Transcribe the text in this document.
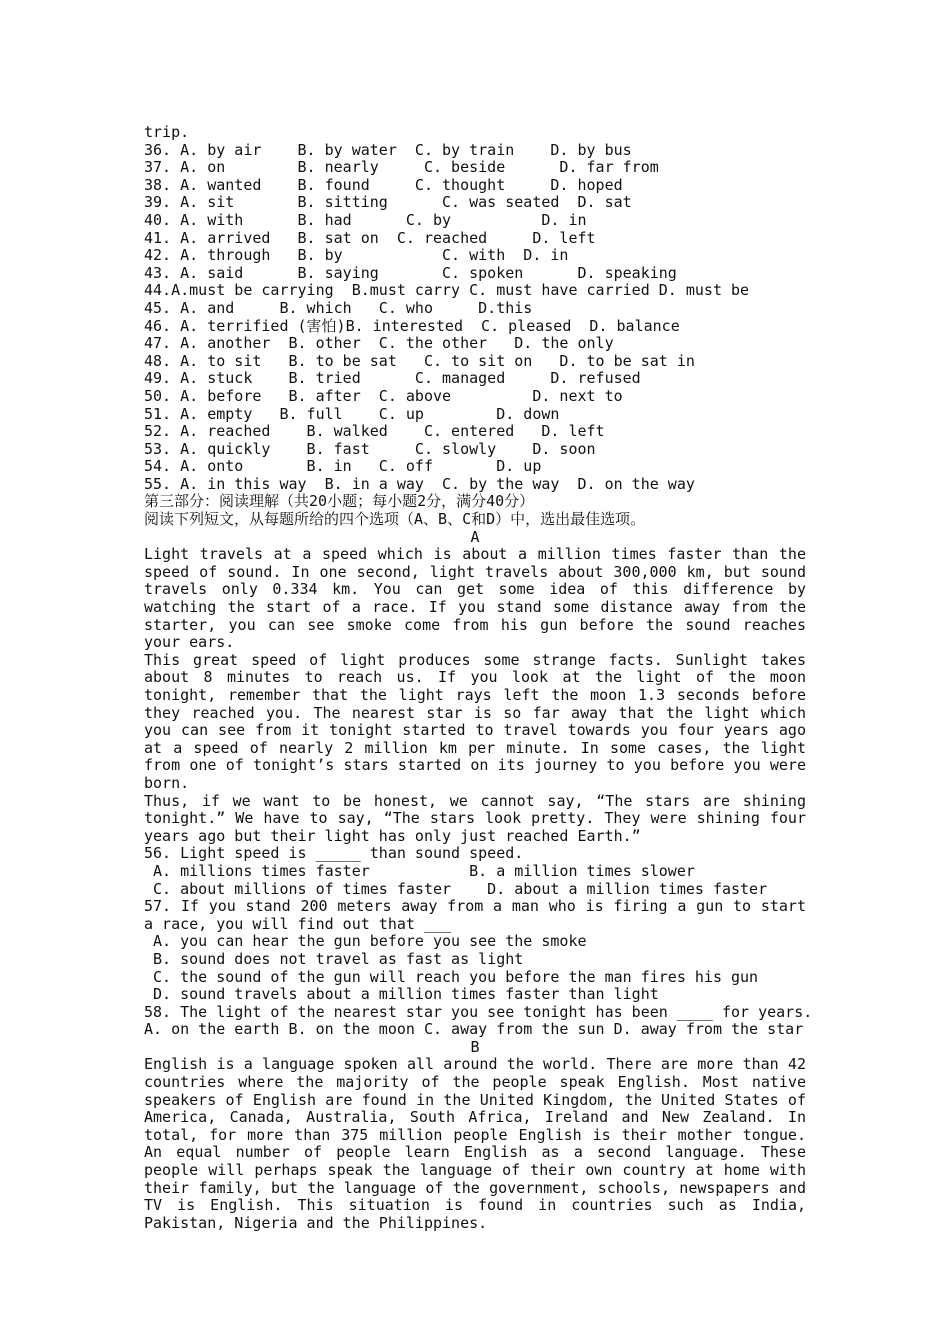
trip.
36. A. by air    B. by water  C. by train    D. by bus
37. A. on        B. nearly     C. beside      D. far from
38. A. wanted    B. found     C. thought     D. hoped
39. A. sit       B. sitting      C. was seated  D. sat
40. A. with      B. had      C. by          D. in
41. A. arrived   B. sat on  C. reached     D. left
42. A. through   B. by           C. with  D. in
43. A. said      B. saying       C. spoken      D. speaking
44.A.must be carrying  B.must carry C. must have carried D. must be
45. A. and     B. which   C. who     D.this
46. A. terrified (害怕)B. interested  C. pleased  D. balance
47. A. another  B. other  C. the other   D. the only
48. A. to sit   B. to be sat   C. to sit on   D. to be sat in
49. A. stuck    B. tried      C. managed     D. refused
50. A. before   B. after  C. above         D. next to
51. A. empty   B. full    C. up        D. down
52. A. reached    B. walked    C. entered   D. left
53. A. quickly    B. fast     C. slowly    D. soon
54. A. onto       B. in   C. off       D. up
55. A. in this way  B. in a way  C. by the way  D. on the way
第三部分：阅读理解（共20小题；每小题2分，满分40分）
阅读下列短文，从每题所给的四个选项（A、B、C和D）中，选出最佳选项。
A
Light travels at a speed which is about a million times faster than the speed of sound. In one second, light travels about 300,000 km, but sound travels only 0.334 km. You can get some idea of this difference by watching the start of a race. If you stand some distance away from the starter, you can see smoke come from his gun before the sound reaches your ears.
This great speed of light produces some strange facts. Sunlight takes about 8 minutes to reach us. If you look at the light of the moon tonight, remember that the light rays left the moon 1.3 seconds before they reached you. The nearest star is so far away that the light which you can see from it tonight started to travel towards you four years ago at a speed of nearly 2 million km per minute. In some cases, the light from one of tonight’s stars started on its journey to you before you were born.
Thus, if we want to be honest, we cannot say, “The stars are shining tonight.” We have to say, “The stars look pretty. They were shining four years ago but their light has only just reached Earth.”
56. Light speed is _____ than sound speed.
A. millions times faster           B. a million times slower
C. about millions of times faster    D. about a million times faster
57. If you stand 200 meters away from a man who is firing a gun to start a race, you will find out that ___
A. you can hear the gun before you see the smoke
B. sound does not travel as fast as light
C. the sound of the gun will reach you before the man fires his gun
D. sound travels about a million times faster than light
58. The light of the nearest star you see tonight has been ____ for years.
A. on the earth B. on the moon C. away from the sun D. away from the star
B
English is a language spoken all around the world. There are more than 42 countries where the majority of the people speak English. Most native speakers of English are found in the United Kingdom, the United States of America, Canada, Australia, South Africa, Ireland and New Zealand. In total, for more than 375 million people English is their mother tongue. An equal number of people learn English as a second language. These people will perhaps speak the language of their own country at home with their family, but the language of the government, schools, newspapers and TV is English. This situation is found in countries such as India, Pakistan, Nigeria and the Philippines.
